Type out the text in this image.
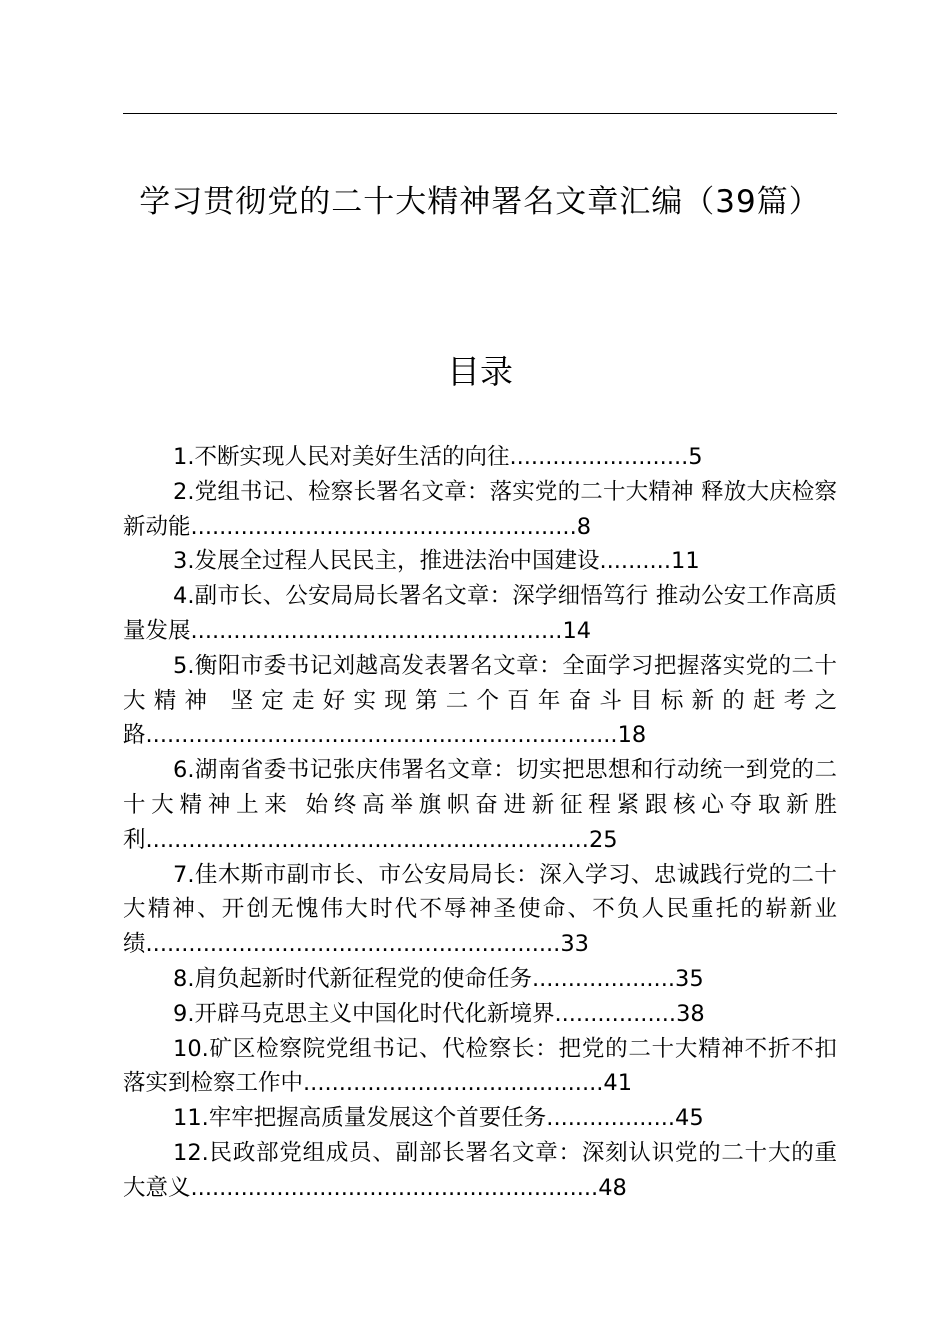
学习贯彻党的二十大精神署名文章汇编（39篇）
目录

1.不断实现人民对美好生活的向往.........................5

2.党组书记、检察长署名文章：落实党的二十大精神 释放大庆检察新动能......................................................8

3.发展全过程人民民主，推进法治中国建设..........11

4.副市长、公安局局长署名文章：深学细悟笃行 推动公安工作高质量发展....................................................14

5.衡阳市委书记刘越高发表署名文章：全面学习把握落实党的二十大精神 坚定走好实现第二个百年奋斗目标新的赶考之路..................................................................18

6.湖南省委书记张庆伟署名文章：切实把思想和行动统一到党的二十大精神上来 始终高举旗帜奋进新征程紧跟核心夺取新胜利..............................................................25

7.佳木斯市副市长、市公安局局长：深入学习、忠诚践行党的二十大精神、开创无愧伟大时代不辱神圣使命、不负人民重托的崭新业绩..........................................................33

8.肩负起新时代新征程党的使命任务....................35

9.开辟马克思主义中国化时代化新境界.................38

10.矿区检察院党组书记、代检察长：把党的二十大精神不折不扣落实到检察工作中..........................................41

11.牢牢把握高质量发展这个首要任务..................45

12.民政部党组成员、副部长署名文章：深刻认识党的二十大的重大意义.........................................................48
